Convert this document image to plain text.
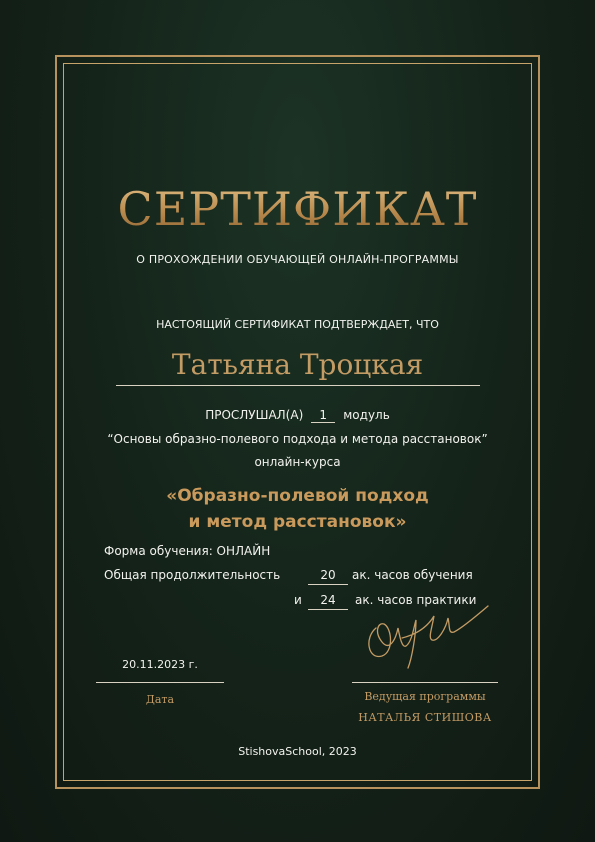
СЕРТИФИКАТ
О ПРОХОЖДЕНИИ ОБУЧАЮЩЕЙ ОНЛАЙН-ПРОГРАММЫ
НАСТОЯЩИЙ СЕРТИФИКАТ ПОДТВЕРЖДАЕТ, ЧТО
Татьяна Троцкая
ПРОСЛУШАЛ(А) 1 модуль
“Основы образно-полевого подхода и метода расстановок”
онлайн-курса
«Образно-полевой подход
и метод расстановок»
Форма обучения: ОНЛАЙН
Общая продолжительность	20	ак. часов обучения
и	24	ак. часов практики
20.11.2023 г.
Дата	Ведущая программы
НАТАЛЬЯ СТИШОВА
StishovaSchool, 2023
